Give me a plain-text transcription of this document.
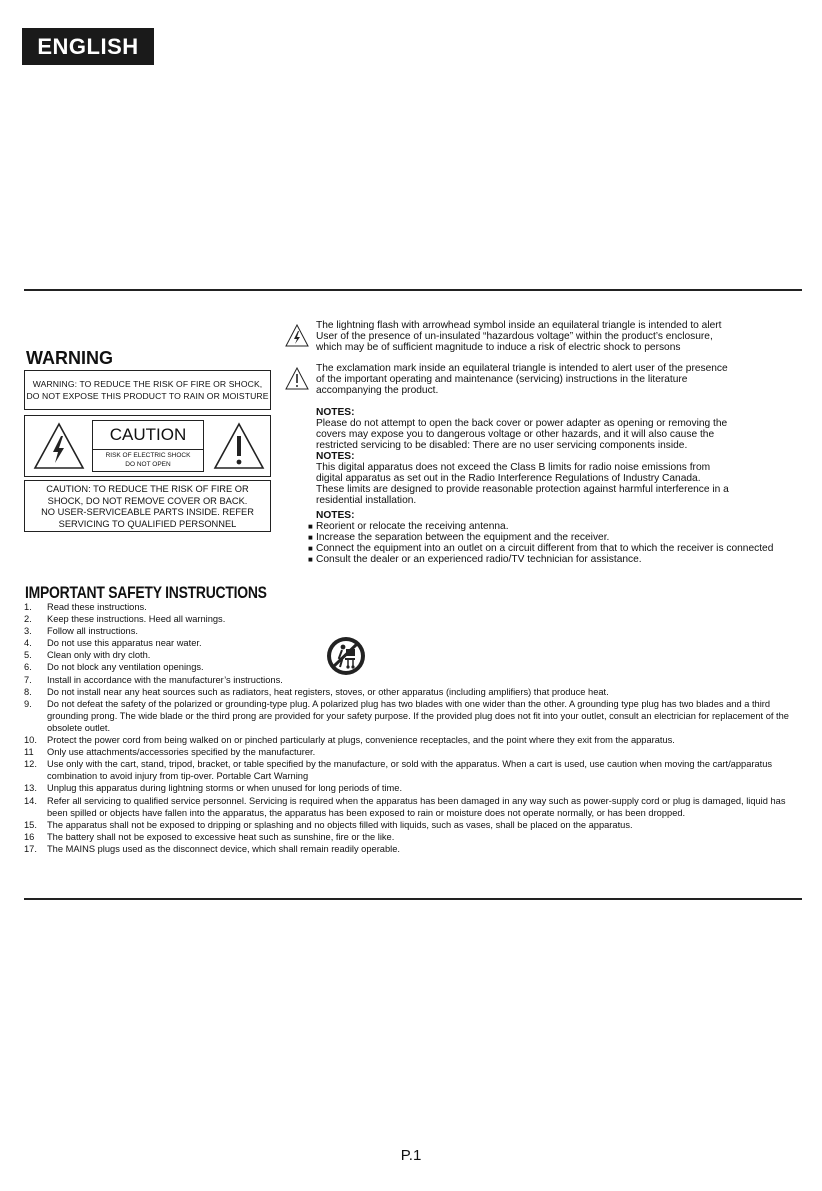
ENGLISH
WARNING
WARNING: TO REDUCE THE RISK OF FIRE OR SHOCK,
DO NOT EXPOSE THIS PRODUCT TO RAIN OR MOISTURE
CAUTION
RISK OF ELECTRIC SHOCK
DO NOT OPEN
CAUTION: TO REDUCE THE RISK OF FIRE OR
SHOCK, DO NOT REMOVE COVER OR BACK.
NO USER-SERVICEABLE PARTS INSIDE. REFER
SERVICING TO QUALIFIED PERSONNEL
The lightning flash with arrowhead symbol inside an equilateral triangle is intended to alert
User of the presence of un-insulated “hazardous voltage” within the product’s enclosure,
which may be of sufficient magnitude to induce a risk of electric shock to persons
The exclamation mark inside an equilateral triangle is intended to alert user of the presence
of the important operating and maintenance (servicing) instructions in the literature
accompanying the product.
NOTES:
Please do not attempt to open the back cover or power adapter as opening or removing the
covers may expose you to dangerous voltage or other hazards, and it will also cause the
restricted servicing to be disabled: There are no user servicing components inside.
NOTES:
This digital apparatus does not exceed the Class B limits for radio noise emissions from
digital apparatus as set out in the Radio Interference Regulations of Industry Canada.
These limits are designed to provide reasonable protection against harmful interference in a
residential installation.
NOTES:
■ Reorient or relocate the receiving antenna.
■ Increase the separation between the equipment and the receiver.
■ Connect the equipment into an outlet on a circuit different from that to which the receiver is connected
■ Consult the dealer or an experienced radio/TV technician for assistance.
IMPORTANT SAFETY INSTRUCTIONS
1.	Read these instructions.
2.	Keep these instructions. Heed all warnings.
3.	Follow all instructions.
4.	Do not use this apparatus near water.
5.	Clean only with dry cloth.
6.	Do not block any ventilation openings.
7.	Install in accordance with the manufacturer’s instructions.
8.	Do not install near any heat sources such as radiators, heat registers, stoves, or other apparatus (including amplifiers) that produce heat.
9.	Do not defeat the safety of the polarized or grounding-type plug. A polarized plug has two blades with one wider than the other. A grounding type plug has two blades and a third grounding prong. The wide blade or the third prong are provided for your safety purpose. If the provided plug does not fit into your outlet, consult an electrician for replacement of the obsolete outlet.
10.	Protect the power cord from being walked on or pinched particularly at plugs, convenience receptacles, and the point where they exit from the apparatus.
11	Only use attachments/accessories specified by the manufacturer.
12.	Use only with the cart, stand, tripod, bracket, or table specified by the manufacture, or sold with the apparatus. When a cart is used, use caution when moving the cart/apparatus combination to avoid injury from tip-over. Portable Cart Warning
13.	Unplug this apparatus during lightning storms or when unused for long periods of time.
14.	Refer all servicing to qualified service personnel. Servicing is required when the apparatus has been damaged in any way such as power-supply cord or plug is damaged, liquid has been spilled or objects have fallen into the apparatus, the apparatus has been exposed to rain or moisture does not operate normally, or has been dropped.
15.	The apparatus shall not be exposed to dripping or splashing and no objects filled with liquids, such as vases, shall be placed on the apparatus.
16	The battery shall not be exposed to excessive heat such as sunshine, fire or the like.
17.	The MAINS plugs used as the disconnect device, which shall remain readily operable.
P.1
